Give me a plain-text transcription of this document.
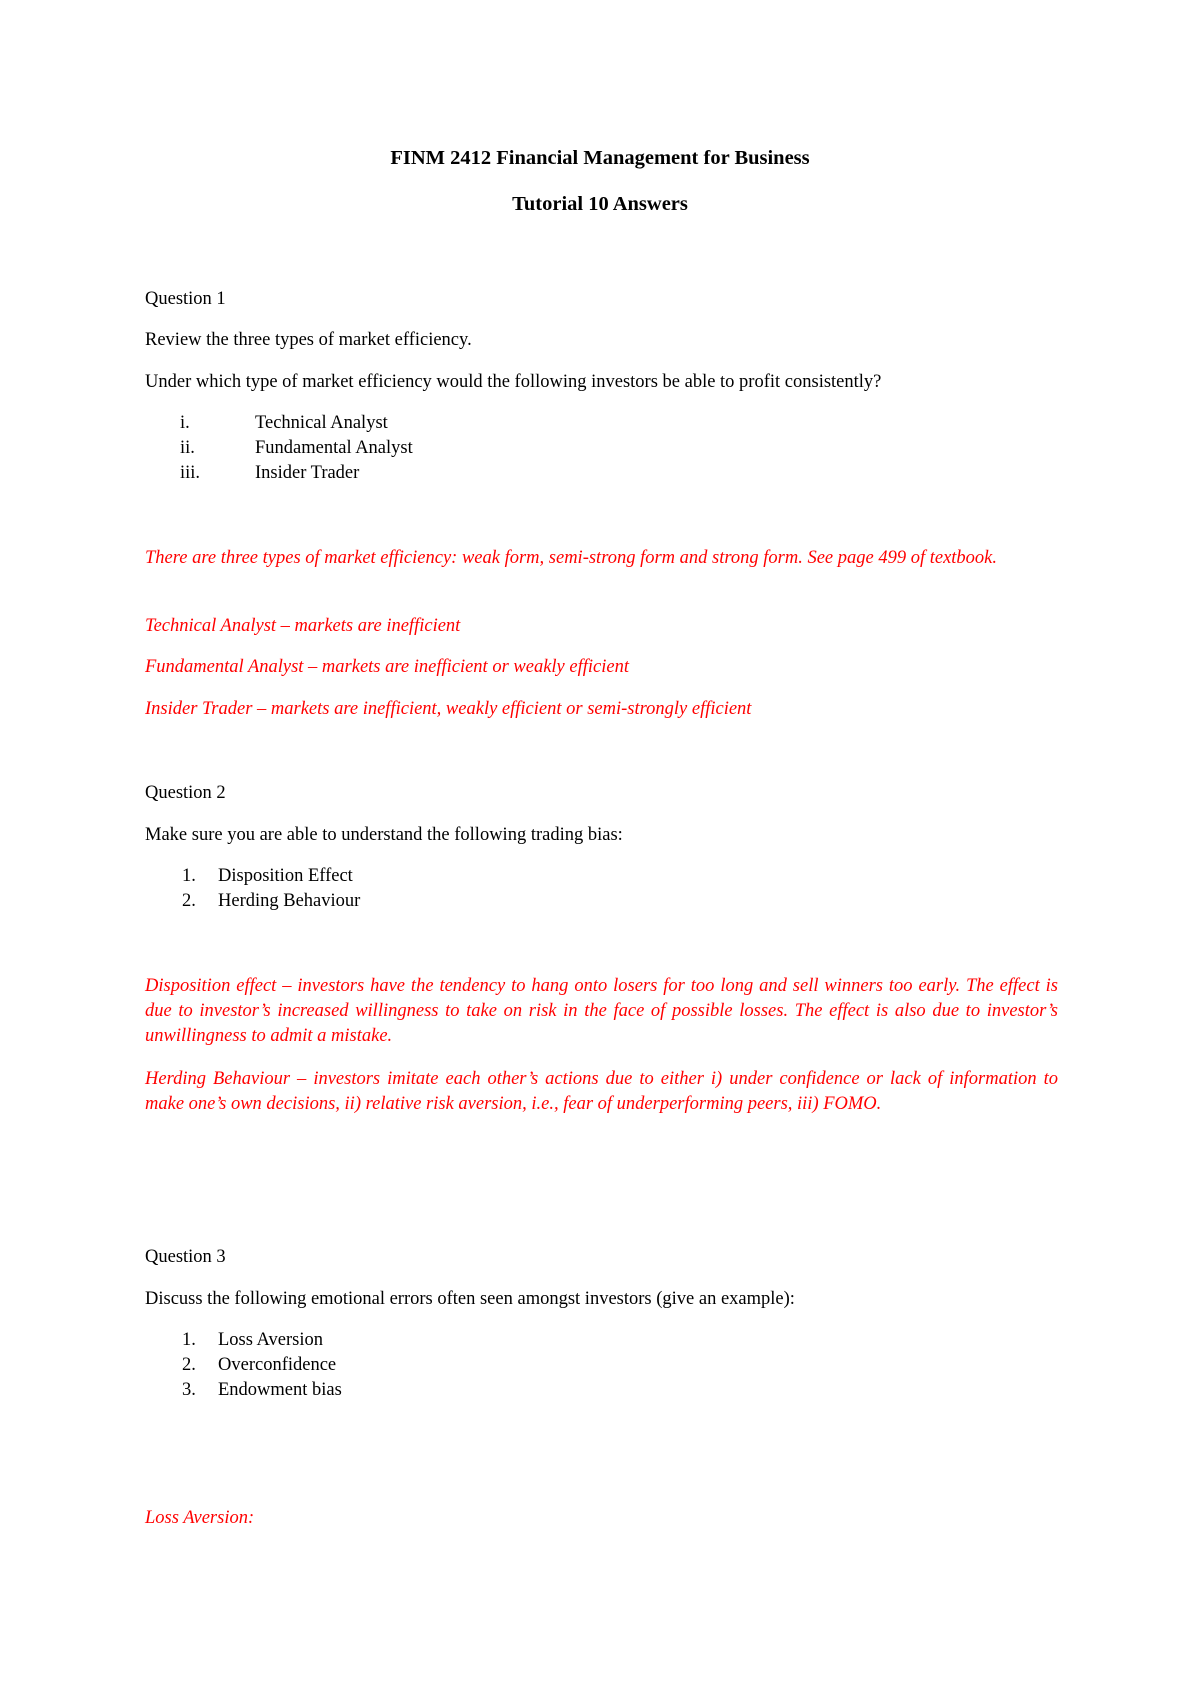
FINM 2412 Financial Management for Business
Tutorial 10 Answers
Question 1
Review the three types of market efficiency.
Under which type of market efficiency would the following investors be able to profit consistently?
i.	Technical Analyst
ii.	Fundamental Analyst
iii.	Insider Trader
There are three types of market efficiency: weak form, semi-strong form and strong form. See page 499 of textbook.
Technical Analyst – markets are inefficient
Fundamental Analyst – markets are inefficient or weakly efficient
Insider Trader – markets are inefficient, weakly efficient or semi-strongly efficient
Question 2
Make sure you are able to understand the following trading bias:
1. Disposition Effect
2. Herding Behaviour
Disposition effect – investors have the tendency to hang onto losers for too long and sell winners too early. The effect is due to investor’s increased willingness to take on risk in the face of possible losses. The effect is also due to investor’s unwillingness to admit a mistake.
Herding Behaviour – investors imitate each other’s actions due to either i) under confidence or lack of information to make one’s own decisions, ii) relative risk aversion, i.e., fear of underperforming peers, iii) FOMO.
Question 3
Discuss the following emotional errors often seen amongst investors (give an example):
1. Loss Aversion
2. Overconfidence
3. Endowment bias
Loss Aversion:
